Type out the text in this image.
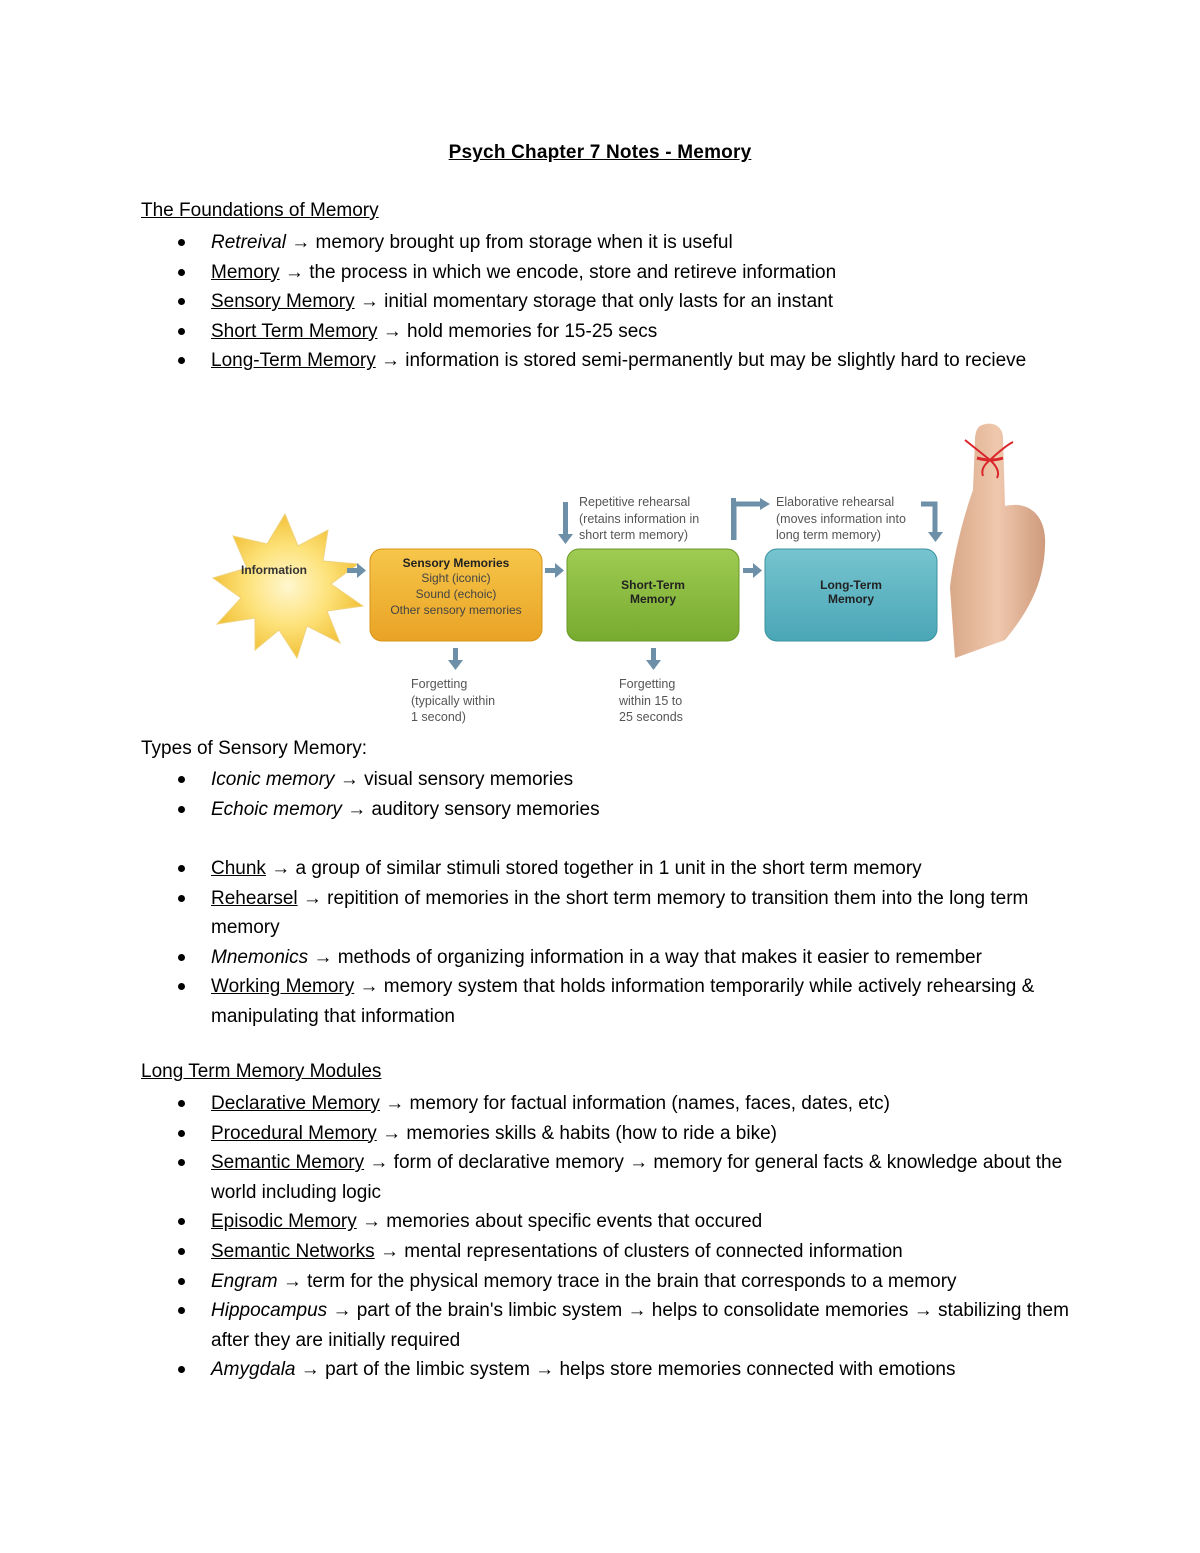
Psych Chapter 7 Notes - Memory
The Foundations of Memory
Retreival → memory brought up from storage when it is useful
Memory → the process in which we encode, store and retireve information
Sensory Memory → initial momentary storage that only lasts for an instant
Short Term Memory → hold memories for 15-25 secs
Long-Term Memory → information is stored semi-permanently but may be slightly hard to recieve
Information	Sensory Memories
Sight (iconic)
Sound (echoic)
Other sensory memories
Short-Term
Memory
Long-Term
Memory
Repetitive rehearsal
(retains information in
short term memory)
Elaborative rehearsal
(moves information into
long term memory)
Forgetting
(typically within
1 second)
Forgetting
within 15 to
25 seconds
Types of Sensory Memory:
Iconic memory → visual sensory memories
Echoic memory → auditory sensory memories
Chunk → a group of similar stimuli stored together in 1 unit in the short term memory
Rehearsel → repitition of memories in the short term memory to transition them into the long term memory
Mnemonics → methods of organizing information in a way that makes it easier to remember
Working Memory → memory system that holds information temporarily while actively rehearsing & manipulating that information
Long Term Memory Modules
Declarative Memory → memory for factual information (names, faces, dates, etc)
Procedural Memory → memories skills & habits (how to ride a bike)
Semantic Memory → form of declarative memory → memory for general facts & knowledge about the world including logic
Episodic Memory → memories about specific events that occured
Semantic Networks → mental representations of clusters of connected information
Engram → term for the physical memory trace in the brain that corresponds to a memory
Hippocampus → part of the brain's limbic system → helps to consolidate memories → stabilizing them after they are initially required
Amygdala → part of the limbic system → helps store memories connected with emotions
